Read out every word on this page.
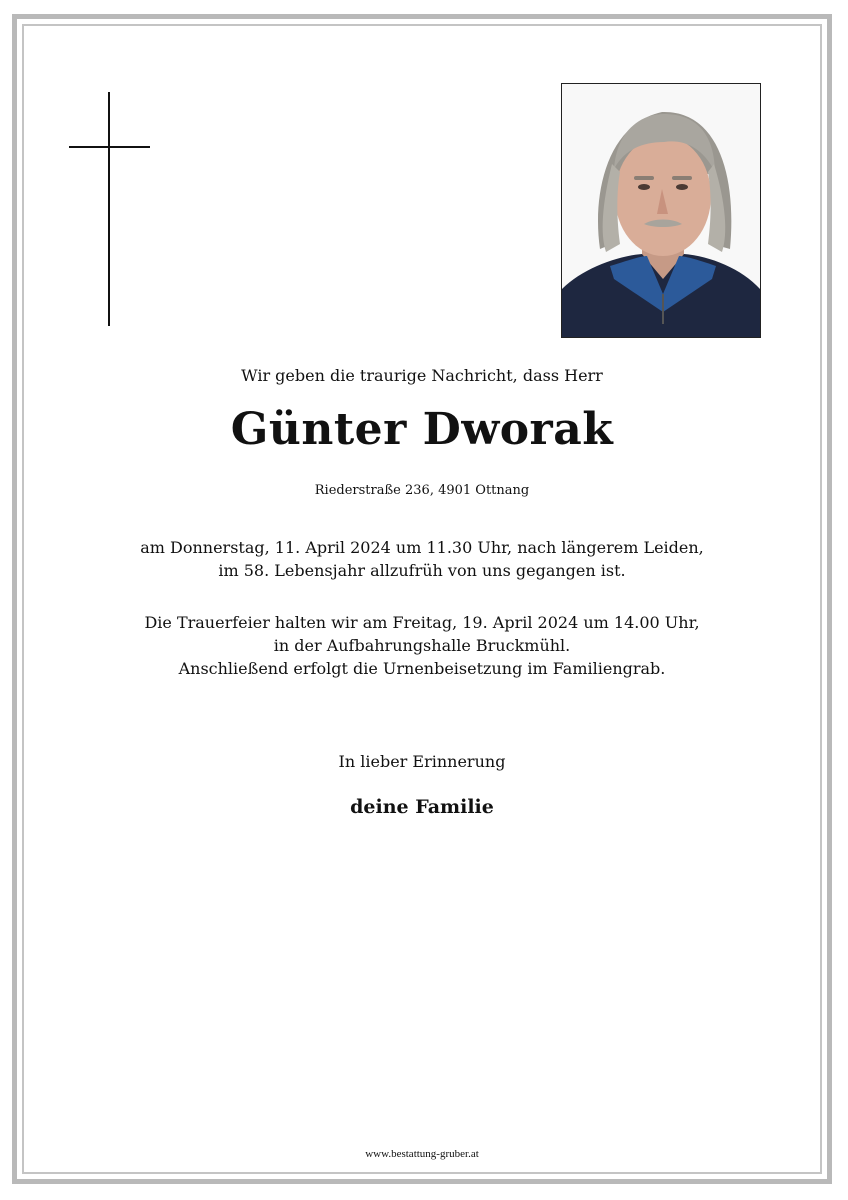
Wir geben die traurige Nachricht, dass Herr

Günter Dworak

Riederstraße 236, 4901 Ottnang

am Donnerstag, 11. April 2024 um 11.30 Uhr, nach längerem Leiden,
im 58. Lebensjahr allzufrüh von uns gegangen ist.

Die Trauerfeier halten wir am Freitag, 19. April 2024 um 14.00 Uhr,
in der Aufbahrungshalle Bruckmühl.
Anschließend erfolgt die Urnenbeisetzung im Familiengrab.

In lieber Erinnerung

deine Familie

www.bestattung-gruber.at
